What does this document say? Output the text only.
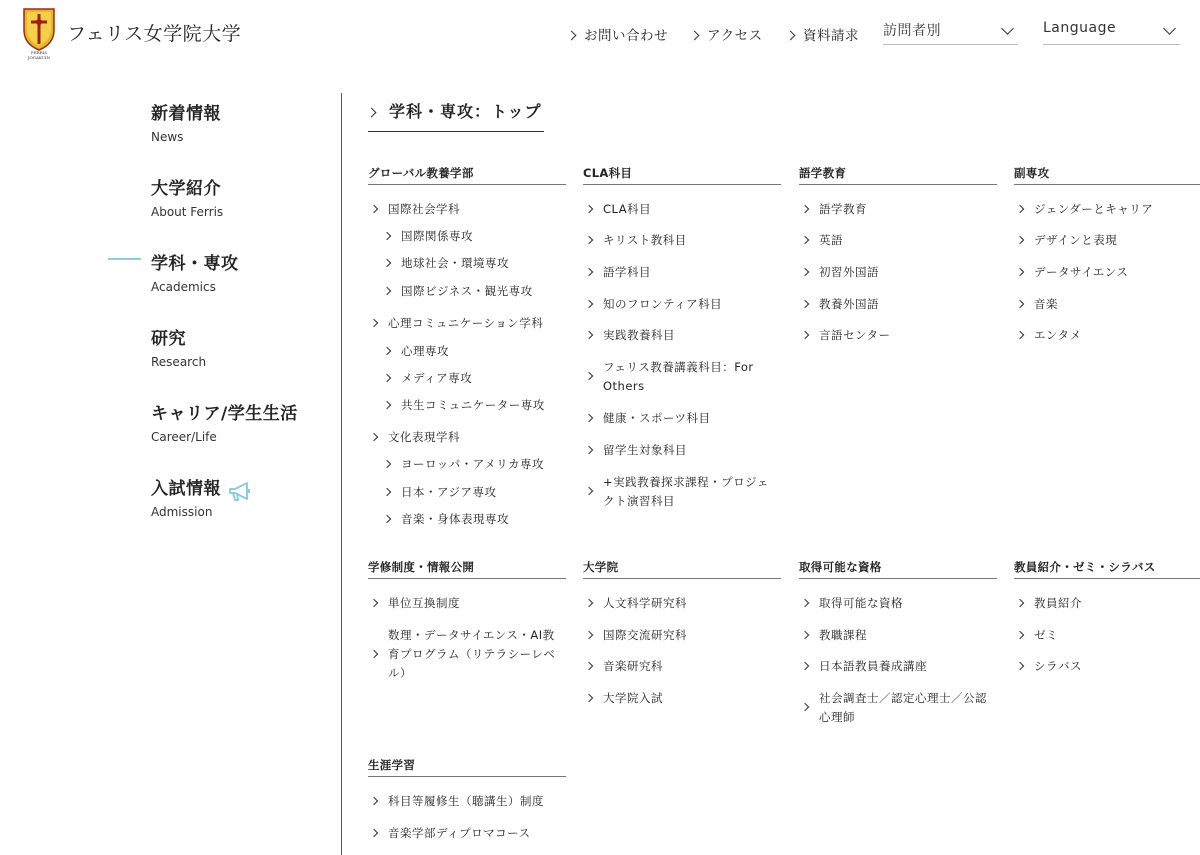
FERRIS
JOGAKUIN
フェリス女学院大学	お問い合わせ	アクセス	資料請求 訪問者別	Language
新着情報
News
大学紹介
About Ferris
学科・専攻
Academics
研究
Research
キャリア/学生生活
Career/Life
入試情報
Admission
学科・専攻：トップ
グローバル教養学部
国際社会学科
国際関係専攻
地球社会・環境専攻
国際ビジネス・観光専攻
心理コミュニケーション学科
心理専攻
メディア専攻
共生コミュニケーター専攻
文化表現学科
ヨーロッパ・アメリカ専攻
日本・アジア専攻
音楽・身体表現専攻
CLA科目
CLA科目
キリスト教科目
語学科目
知のフロンティア科目
実践教養科目
フェリス教養講義科目：For Others
健康・スポーツ科目
留学生対象科目
+実践教養探求課程・プロジェクト演習科目
語学教育
語学教育
英語
初習外国語
教養外国語
言語センター
副専攻
ジェンダーとキャリア
デザインと表現
データサイエンス
音楽
エンタメ
学修制度・情報公開
単位互換制度
数理・データサイエンス・AI教育プログラム（リテラシーレベル）
大学院
人文科学研究科
国際交流研究科
音楽研究科
大学院入試
取得可能な資格
取得可能な資格
教職課程
日本語教員養成講座
社会調査士／認定心理士／公認心理師
教員紹介・ゼミ・シラバス
教員紹介
ゼミ
シラバス
生涯学習
科目等履修生（聴講生）制度
音楽学部ディプロマコース
